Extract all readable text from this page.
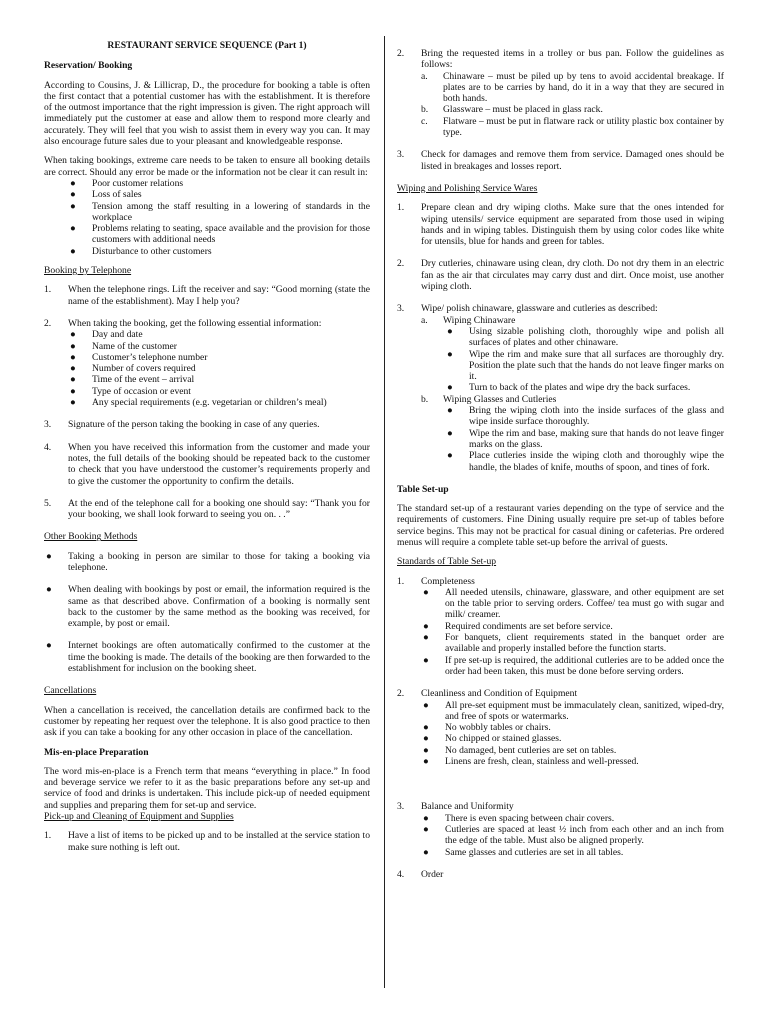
RESTAURANT SERVICE SEQUENCE (Part 1)
Reservation/ Booking
According to Cousins, J. & Lillicrap, D., the procedure for booking a table is often the first contact that a potential customer has with the establishment. It is therefore of the outmost importance that the right impression is given. The right approach will immediately put the customer at ease and allow them to respond more clearly and accurately. They will feel that you wish to assist them in every way you can. It may also encourage future sales due to your pleasant and knowledgeable response.
When taking bookings, extreme care needs to be taken to ensure all booking details are correct. Should any error be made or the information not be clear it can result in:
●	Poor customer relations
●	Loss of sales
●	Tension among the staff resulting in a lowering of standards in the workplace
●	Problems relating to seating, space available and the provision for those customers with additional needs
●	Disturbance to other customers
Booking by Telephone
1.	When the telephone rings. Lift the receiver and say: “Good morning (state the name of the establishment). May I help you?
2.	When taking the booking, get the following essential information:
●	Day and date
●	Name of the customer
●	Customer’s telephone number
●	Number of covers required
●	Time of the event – arrival
●	Type of occasion or event
●	Any special requirements (e.g. vegetarian or children’s meal)
3.	Signature of the person taking the booking in case of any queries.
4.	When you have received this information from the customer and made your notes, the full details of the booking should be repeated back to the customer to check that you have understood the customer’s requirements properly and to give the customer the opportunity to confirm the details.
5.	At the end of the telephone call for a booking one should say: “Thank you for your booking, we shall look forward to seeing you on. . .”
Other Booking Methods
●	Taking a booking in person are similar to those for taking a booking via telephone.
●	When dealing with bookings by post or email, the information required is the same as that described above. Confirmation of a booking is normally sent back to the customer by the same method as the booking was received, for example, by post or email.
●	Internet bookings are often automatically confirmed to the customer at the time the booking is made. The details of the booking are then forwarded to the establishment for inclusion on the booking sheet.
Cancellations
When a cancellation is received, the cancellation details are confirmed back to the customer by repeating her request over the telephone. It is also good practice to then ask if you can take a booking for any other occasion in place of the cancellation.
Mis-en-place Preparation
The word mis-en-place is a French term that means “everything in place.” In food and beverage service we refer to it as the basic preparations before any set-up and service of food and drinks is undertaken. This include pick-up of needed equipment and supplies and preparing them for set-up and service.
Pick-up and Cleaning of Equipment and Supplies
1.	Have a list of items to be picked up and to be installed at the service station to make sure nothing is left out.
2.	Bring the requested items in a trolley or bus pan. Follow the guidelines as follows:
a.	Chinaware – must be piled up by tens to avoid accidental breakage. If plates are to be carries by hand, do it in a way that they are secured in both hands.
b.	Glassware – must be placed in glass rack.
c.	Flatware – must be put in flatware rack or utility plastic box container by type.
3.	Check for damages and remove them from service. Damaged ones should be listed in breakages and losses report.
Wiping and Polishing Service Wares
1.	Prepare clean and dry wiping cloths. Make sure that the ones intended for wiping utensils/ service equipment are separated from those used in wiping hands and in wiping tables. Distinguish them by using color codes like white for utensils, blue for hands and green for tables.
2.	Dry cutleries, chinaware using clean, dry cloth. Do not dry them in an electric fan as the air that circulates may carry dust and dirt. Once moist, use another wiping cloth.
3.	Wipe/ polish chinaware, glassware and cutleries as described:
a.	Wiping Chinaware
●	Using sizable polishing cloth, thoroughly wipe and polish all surfaces of plates and other chinaware.
●	Wipe the rim and make sure that all surfaces are thoroughly dry. Position the plate such that the hands do not leave finger marks on it.
●	Turn to back of the plates and wipe dry the back surfaces.
b.	Wiping Glasses and Cutleries
●	Bring the wiping cloth into the inside surfaces of the glass and wipe inside surface thoroughly.
●	Wipe the rim and base, making sure that hands do not leave finger marks on the glass.
●	Place cutleries inside the wiping cloth and thoroughly wipe the handle, the blades of knife, mouths of spoon, and tines of fork.
Table Set-up
The standard set-up of a restaurant varies depending on the type of service and the requirements of customers. Fine Dining usually require pre set-up of tables before service begins. This may not be practical for casual dining or cafeterias. Pre ordered menus will require a complete table set-up before the arrival of guests.
Standards of Table Set-up
1.	Completeness
●	All needed utensils, chinaware, glassware, and other equipment are set on the table prior to serving orders. Coffee/ tea must go with sugar and milk/ creamer.
●	Required condiments are set before service.
●	For banquets, client requirements stated in the banquet order are available and properly installed before the function starts.
●	If pre set-up is required, the additional cutleries are to be added once the order had been taken, this must be done before serving orders.
2.	Cleanliness and Condition of Equipment
●	All pre-set equipment must be immaculately clean, sanitized, wiped-dry, and free of spots or watermarks.
●	No wobbly tables or chairs.
●	No chipped or stained glasses.
●	No damaged, bent cutleries are set on tables.
●	Linens are fresh, clean, stainless and well-pressed.
3.	Balance and Uniformity
●	There is even spacing between chair covers.
●	Cutleries are spaced at least ½ inch from each other and an inch from the edge of the table. Must also be aligned properly.
●	Same glasses and cutleries are set in all tables.
4.	Order
